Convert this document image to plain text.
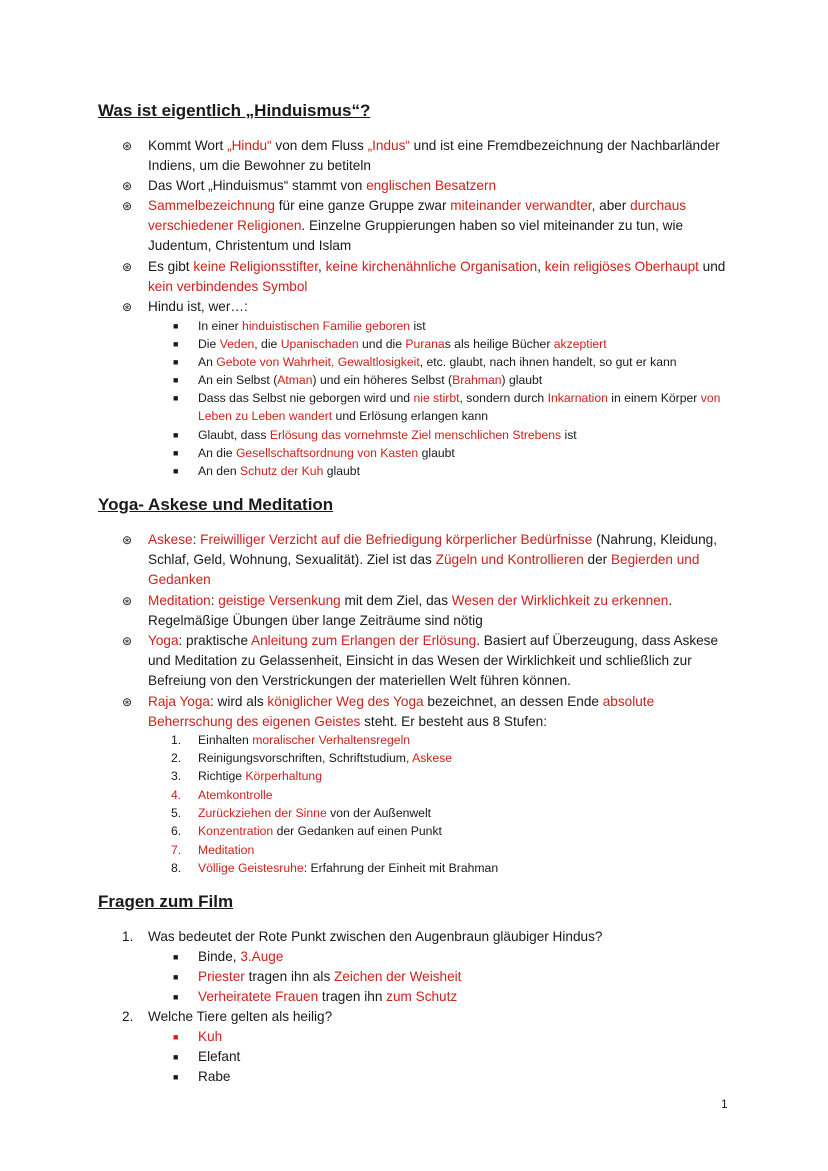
Was ist eigentlich „Hinduismus“?

⊛ Kommt Wort „Hindu“ von dem Fluss „Indus“ und ist eine Fremdbezeichnung der Nachbarländer Indiens, um die Bewohner zu betiteln

⊛ Das Wort „Hinduismus“ stammt von englischen Besatzern

⊛ Sammelbezeichnung für eine ganze Gruppe zwar miteinander verwandter, aber durchaus verschiedener Religionen. Einzelne Gruppierungen haben so viel miteinander zu tun, wie Judentum, Christentum und Islam

⊛ Es gibt keine Religionsstifter, keine kirchenähnliche Organisation, kein religiöses Oberhaupt und kein verbindendes Symbol

⊛ Hindu ist, wer…:

■ In einer hinduistischen Familie geboren ist

■ Die Veden, die Upanischaden und die Puranas als heilige Bücher akzeptiert

■ An Gebote von Wahrheit, Gewaltlosigkeit, etc. glaubt, nach ihnen handelt, so gut er kann

■ An ein Selbst (Atman) und ein höheres Selbst (Brahman) glaubt

■ Dass das Selbst nie geborgen wird und nie stirbt, sondern durch Inkarnation in einem Körper von Leben zu Leben wandert und Erlösung erlangen kann

■ Glaubt, dass Erlösung das vornehmste Ziel menschlichen Strebens ist

■ An die Gesellschaftsordnung von Kasten glaubt

■ An den Schutz der Kuh glaubt

Yoga- Askese und Meditation

⊛ Askese: Freiwilliger Verzicht auf die Befriedigung körperlicher Bedürfnisse (Nahrung, Kleidung, Schlaf, Geld, Wohnung, Sexualität). Ziel ist das Zügeln und Kontrollieren der Begierden und Gedanken

⊛ Meditation: geistige Versenkung mit dem Ziel, das Wesen der Wirklichkeit zu erkennen. Regelmäßige Übungen über lange Zeiträume sind nötig

⊛ Yoga: praktische Anleitung zum Erlangen der Erlösung. Basiert auf Überzeugung, dass Askese und Meditation zu Gelassenheit, Einsicht in das Wesen der Wirklichkeit und schließlich zur Befreiung von den Verstrickungen der materiellen Welt führen können.

⊛ Raja Yoga: wird als königlicher Weg des Yoga bezeichnet, an dessen Ende absolute Beherrschung des eigenen Geistes steht. Er besteht aus 8 Stufen:

1. Einhalten moralischer Verhaltensregeln

2. Reinigungsvorschriften, Schriftstudium, Askese

3. Richtige Körperhaltung

4. Atemkontrolle

5. Zurückziehen der Sinne von der Außenwelt

6. Konzentration der Gedanken auf einen Punkt

7. Meditation

8. Völlige Geistesruhe: Erfahrung der Einheit mit Brahman

Fragen zum Film

1. Was bedeutet der Rote Punkt zwischen den Augenbraun gläubiger Hindus?

■ Binde, 3.Auge

■ Priester tragen ihn als Zeichen der Weisheit

■ Verheiratete Frauen tragen ihn zum Schutz

2. Welche Tiere gelten als heilig?

■ Kuh

■ Elefant

■ Rabe

1
